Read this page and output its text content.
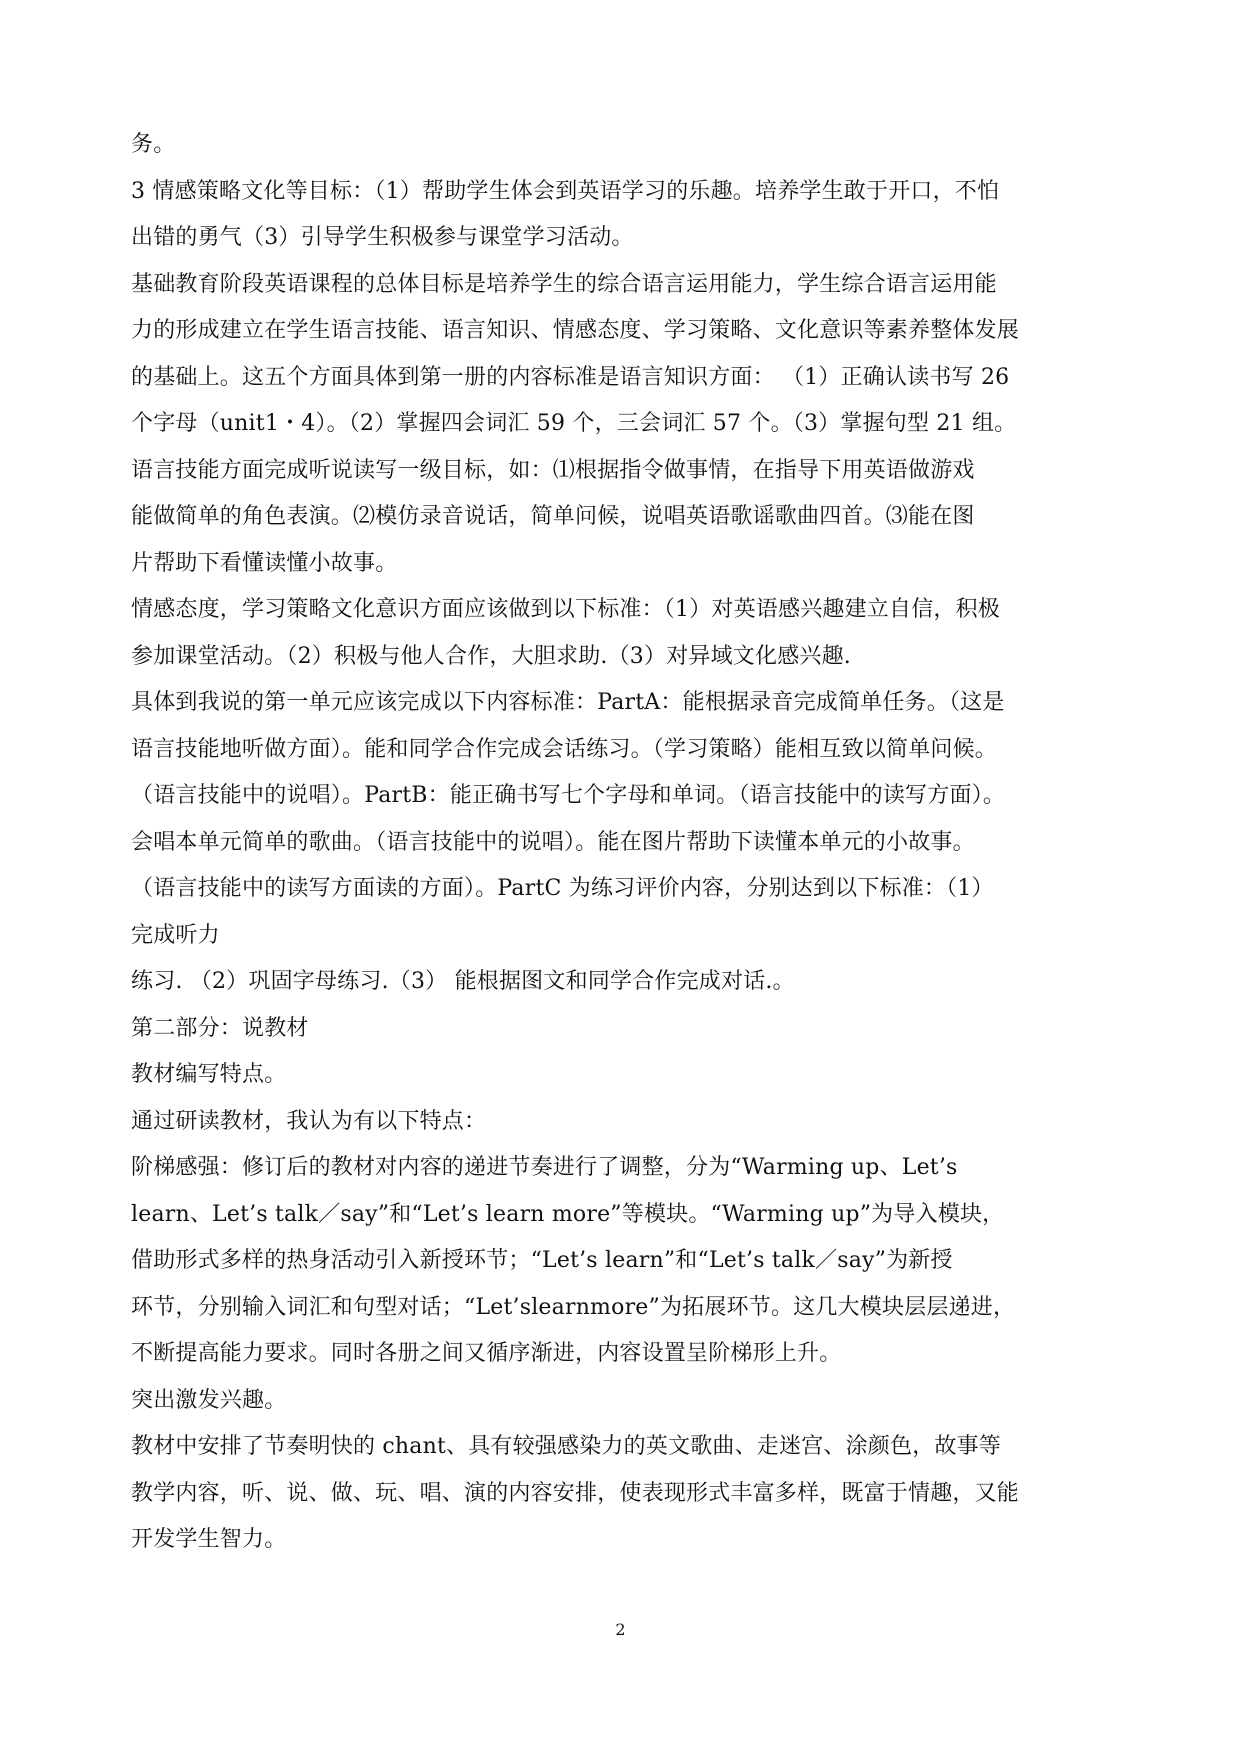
务。
3 情感策略文化等目标：（1）帮助学生体会到英语学习的乐趣。培养学生敢于开口，不怕
出错的勇气（3）引导学生积极参与课堂学习活动。
基础教育阶段英语课程的总体目标是培养学生的综合语言运用能力，学生综合语言运用能
力的形成建立在学生语言技能、语言知识、情感态度、学习策略、文化意识等素养整体发展
的基础上。这五个方面具体到第一册的内容标准是语言知识方面： （1）正确认读书写 26
个字母（unit1・4）。（2）掌握四会词汇 59 个，三会词汇 57 个。（3）掌握句型 21 组。
语言技能方面完成听说读写一级目标，如：⑴根据指令做事情，在指导下用英语做游戏
能做简单的角色表演。⑵模仿录音说话，简单问候，说唱英语歌谣歌曲四首。⑶能在图
片帮助下看懂读懂小故事。
情感态度，学习策略文化意识方面应该做到以下标准：（1）对英语感兴趣建立自信，积极
参加课堂活动。（2）积极与他人合作，大胆求助.（3）对异域文化感兴趣.
具体到我说的第一单元应该完成以下内容标准：PartA：能根据录音完成简单任务。（这是
语言技能地听做方面）。能和同学合作完成会话练习。（学习策略）能相互致以简单问候。
（语言技能中的说唱）。PartB：能正确书写七个字母和单词。（语言技能中的读写方面）。
会唱本单元简单的歌曲。（语言技能中的说唱）。能在图片帮助下读懂本单元的小故事。
（语言技能中的读写方面读的方面）。PartC 为练习评价内容，分别达到以下标准：（1）
完成听力
练习. （2）巩固字母练习.（3） 能根据图文和同学合作完成对话.。
第二部分：说教材
教材编写特点。
通过研读教材，我认为有以下特点：
阶梯感强：修订后的教材对内容的递进节奏进行了调整，分为“Warming up、Let’s
learn、Let’s talk／say”和“Let’s learn more”等模块。“Warming up”为导入模块，
借助形式多样的热身活动引入新授环节；“Let’s learn”和“Let’s talk／say”为新授
环节，分别输入词汇和句型对话；“Let’slearnmore”为拓展环节。这几大模块层层递进，
不断提高能力要求。同时各册之间又循序渐进，内容设置呈阶梯形上升。
突出激发兴趣。
教材中安排了节奏明快的 chant、具有较强感染力的英文歌曲、走迷宫、涂颜色，故事等
教学内容，听、说、做、玩、唱、演的内容安排，使表现形式丰富多样，既富于情趣，又能
开发学生智力。
2
